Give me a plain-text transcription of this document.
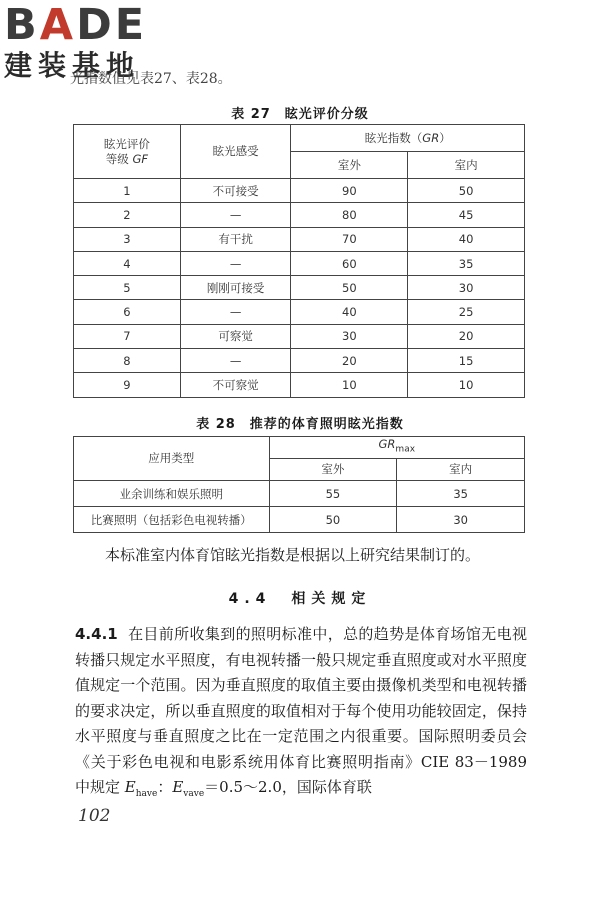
BADE
建装基地
光指数值见表27、表28。
表 27　眩光评价分级
眩光评价
等级 GF	眩光感受	眩光指数（GR）	
		室外	室内
1	不可接受	90	50
2	—	80	45
3	有干扰	70	40
4	—	60	35
5	刚刚可接受	50	30
6	—	40	25
7	可察觉	30	20
8	—	20	15
9	不可察觉	10	10
表 28　推荐的体育照明眩光指数
应用类型	$GR_{max}$
	室外	室内
业余训练和娱乐照明	55	35
比赛照明（包括彩色电视转播）	50	30
本标准室内体育馆眩光指数是根据以上研究结果制订的。
4.4　相关规定
4.4.1 在目前所收集到的照明标准中，总的趋势是体育场馆无电视转播只规定水平照度，有电视转播一般只规定垂直照度或对水平照度值规定一个范围。因为垂直照度的取值主要由摄像机类型和电视转播的要求决定，所以垂直照度的取值相对于每个使用功能较固定，保持水平照度与垂直照度之比在一定范围之内很重要。国际照明委员会《关于彩色电视和电影系统用体育比赛照明指南》CIE 83－1989 中规定 $E_{have}$：$E_{vave}=0.5\sim 2.0$，国际体育联
102
